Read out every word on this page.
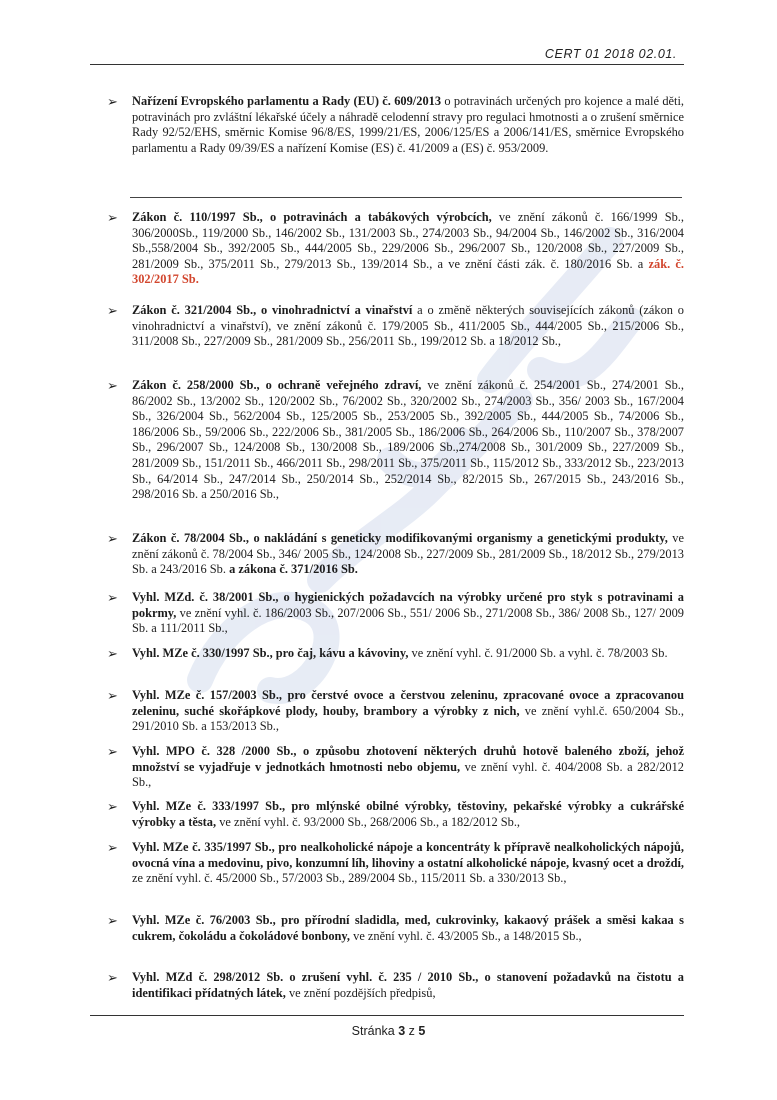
CERT 01 2018 02.01.
➢ Nařízení Evropského parlamentu a Rady (EU) č. 609/2013 o potravinách určených pro kojence a malé děti, potravinách pro zvláštní lékařské účely a náhradě celodenní stravy pro regulaci hmotnosti a o zrušení směrnice Rady 92/52/EHS, směrnic Komise 96/8/ES, 1999/21/ES, 2006/125/ES a 2006/141/ES, směrnice Evropského parlamentu a Rady 09/39/ES a nařízení Komise (ES) č. 41/2009 a (ES) č. 953/2009.
➢ Zákon č. 110/1997 Sb., o potravinách a tabákových výrobcích, ve znění zákonů č. 166/1999 Sb., 306/2000Sb., 119/2000 Sb., 146/2002 Sb., 131/2003 Sb., 274/2003 Sb., 94/2004 Sb., 146/2002 Sb., 316/2004 Sb.,558/2004 Sb., 392/2005 Sb., 444/2005 Sb., 229/2006 Sb., 296/2007 Sb., 120/2008 Sb., 227/2009 Sb., 281/2009 Sb., 375/2011 Sb., 279/2013 Sb., 139/2014 Sb., a ve znění části zák. č. 180/2016 Sb. a zák. č. 302/2017 Sb.
➢ Zákon č. 321/2004 Sb., o vinohradnictví a vinařství a o změně některých souvisejících zákonů (zákon o vinohradnictví a vinařství), ve znění zákonů č. 179/2005 Sb., 411/2005 Sb., 444/2005 Sb., 215/2006 Sb., 311/2008 Sb., 227/2009 Sb., 281/2009 Sb., 256/2011 Sb., 199/2012 Sb. a 18/2012 Sb.,
➢ Zákon č. 258/2000 Sb., o ochraně veřejného zdraví, ve znění zákonů č. 254/2001 Sb., 274/2001 Sb., 86/2002 Sb., 13/2002 Sb., 120/2002 Sb., 76/2002 Sb., 320/2002 Sb., 274/2003 Sb., 356/ 2003 Sb., 167/2004 Sb., 326/2004 Sb., 562/2004 Sb., 125/2005 Sb., 253/2005 Sb., 392/2005 Sb., 444/2005 Sb., 74/2006 Sb., 186/2006 Sb., 59/2006 Sb., 222/2006 Sb., 381/2005 Sb., 186/2006 Sb., 264/2006 Sb., 110/2007 Sb., 378/2007 Sb., 296/2007 Sb., 124/2008 Sb., 130/2008 Sb., 189/2006 Sb.,274/2008 Sb., 301/2009 Sb., 227/2009 Sb., 281/2009 Sb., 151/2011 Sb., 466/2011 Sb., 298/2011 Sb., 375/2011 Sb., 115/2012 Sb., 333/2012 Sb., 223/2013 Sb., 64/2014 Sb., 247/2014 Sb., 250/2014 Sb., 252/2014 Sb., 82/2015 Sb., 267/2015 Sb., 243/2016 Sb., 298/2016 Sb. a 250/2016 Sb.,
➢ Zákon č. 78/2004 Sb., o nakládání s geneticky modifikovanými organismy a genetickými produkty, ve znění zákonů č. 78/2004 Sb., 346/ 2005 Sb., 124/2008 Sb., 227/2009 Sb., 281/2009 Sb., 18/2012 Sb., 279/2013 Sb. a 243/2016 Sb. a zákona č. 371/2016 Sb.
➢ Vyhl. MZd. č. 38/2001 Sb., o hygienických požadavcích na výrobky určené pro styk s potravinami a pokrmy, ve znění vyhl. č. 186/2003 Sb., 207/2006 Sb., 551/ 2006 Sb., 271/2008 Sb., 386/ 2008 Sb., 127/ 2009 Sb. a 111/2011 Sb.,
➢ Vyhl. MZe č. 330/1997 Sb., pro čaj, kávu a kávoviny, ve znění vyhl. č. 91/2000 Sb. a vyhl. č. 78/2003 Sb.
➢ Vyhl. MZe č. 157/2003 Sb., pro čerstvé ovoce a čerstvou zeleninu, zpracované ovoce a zpracovanou zeleninu, suché skořápkové plody, houby, brambory a výrobky z nich, ve znění vyhl.č. 650/2004 Sb., 291/2010 Sb. a 153/2013 Sb.,
➢ Vyhl. MPO č. 328 /2000 Sb., o způsobu zhotovení některých druhů hotově baleného zboží, jehož množství se vyjadřuje v jednotkách hmotnosti nebo objemu, ve znění vyhl. č. 404/2008 Sb. a 282/2012 Sb.,
➢ Vyhl. MZe č. 333/1997 Sb., pro mlýnské obilné výrobky, těstoviny, pekařské výrobky a cukrářské výrobky a těsta, ve znění vyhl. č. 93/2000 Sb., 268/2006 Sb., a 182/2012 Sb.,
➢ Vyhl. MZe č. 335/1997 Sb., pro nealkoholické nápoje a koncentráty k přípravě nealkoholických nápojů, ovocná vína a medovinu, pivo, konzumní líh, lihoviny a ostatní alkoholické nápoje, kvasný ocet a droždí, ze znění vyhl. č. 45/2000 Sb., 57/2003 Sb., 289/2004 Sb., 115/2011 Sb. a 330/2013 Sb.,
➢ Vyhl. MZe č. 76/2003 Sb., pro přírodní sladidla, med, cukrovinky, kakaový prášek a směsi kakaa s cukrem, čokoládu a čokoládové bonbony, ve znění vyhl. č. 43/2005 Sb., a 148/2015 Sb.,
➢ Vyhl. MZd č. 298/2012 Sb. o zrušení vyhl. č. 235 / 2010 Sb., o stanovení požadavků na čistotu a identifikaci přídatných látek, ve znění pozdějších předpisů,
Stránka 3 z 5
